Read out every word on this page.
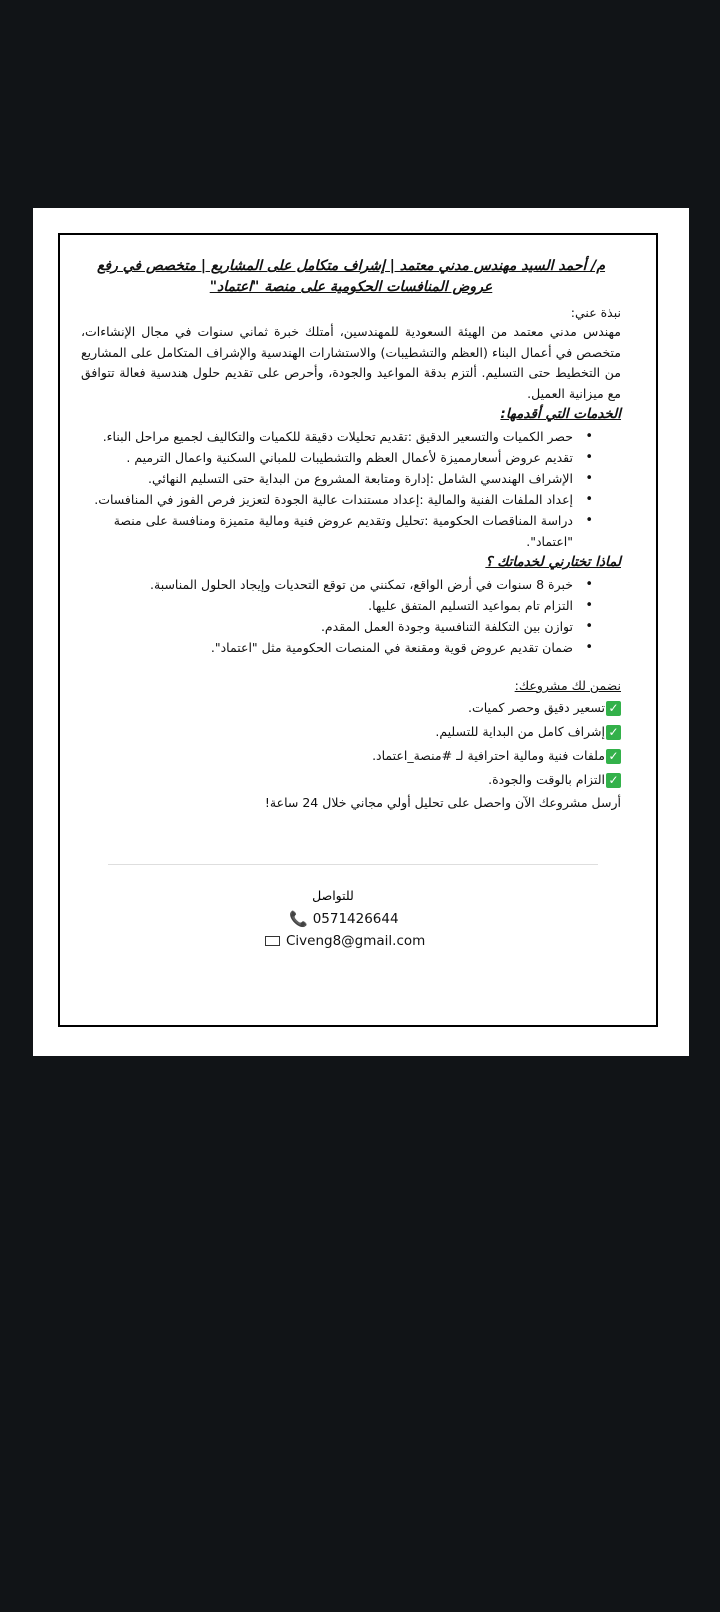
م/ أحمد السيد مهندس مدني معتمد | إشراف متكامل على المشاريع | متخصص في رفع عروض المنافسات الحكومية على منصة "اعتماد"
نبذة عني:

مهندس مدني معتمد من الهيئة السعودية للمهندسين، أمتلك خبرة ثماني سنوات في مجال الإنشاءات، متخصص في أعمال البناء (العظم والتشطيبات) والاستشارات الهندسية والإشراف المتكامل على المشاريع من التخطيط حتى التسليم. ألتزم بدقة المواعيد والجودة، وأحرص على تقديم حلول هندسية فعالة تتوافق مع ميزانية العميل.

الخدمات التي أقدمها:
• حصر الكميات والتسعير الدقيق :تقديم تحليلات دقيقة للكميات والتكاليف لجميع مراحل البناء.
• تقديم عروض أسعارمميزة لأعمال العظم والتشطيبات للمباني السكنية واعمال الترميم .
• الإشراف الهندسي الشامل :إدارة ومتابعة المشروع من البداية حتى التسليم النهائي.
• إعداد الملفات الفنية والمالية :إعداد مستندات عالية الجودة لتعزيز فرص الفوز في المنافسات.
• دراسة المناقصات الحكومية :تحليل وتقديم عروض فنية ومالية متميزة ومنافسة على منصة "اعتماد".
لماذا تختارني لخدماتك ؟
• خبرة 8 سنوات في أرض الواقع، تمكنني من توقع التحديات وإيجاد الحلول المناسبة.
• التزام تام بمواعيد التسليم المتفق عليها.
• توازن بين التكلفة التنافسية وجودة العمل المقدم.
• ضمان تقديم عروض قوية ومقنعة في المنصات الحكومية مثل "اعتماد".
نضمن لك مشروعك:
✓
تسعير دقيق وحصر كميات.
✓
إشراف كامل من البداية للتسليم.
✓
ملفات فنية ومالية احترافية لـ #منصة_اعتماد.
✓
التزام بالوقت والجودة.
أرسل مشروعك الآن واحصل على تحليل أولي مجاني خلال 24 ساعة!
للتواصل
📞 0571426644
Civeng8@gmail.com
